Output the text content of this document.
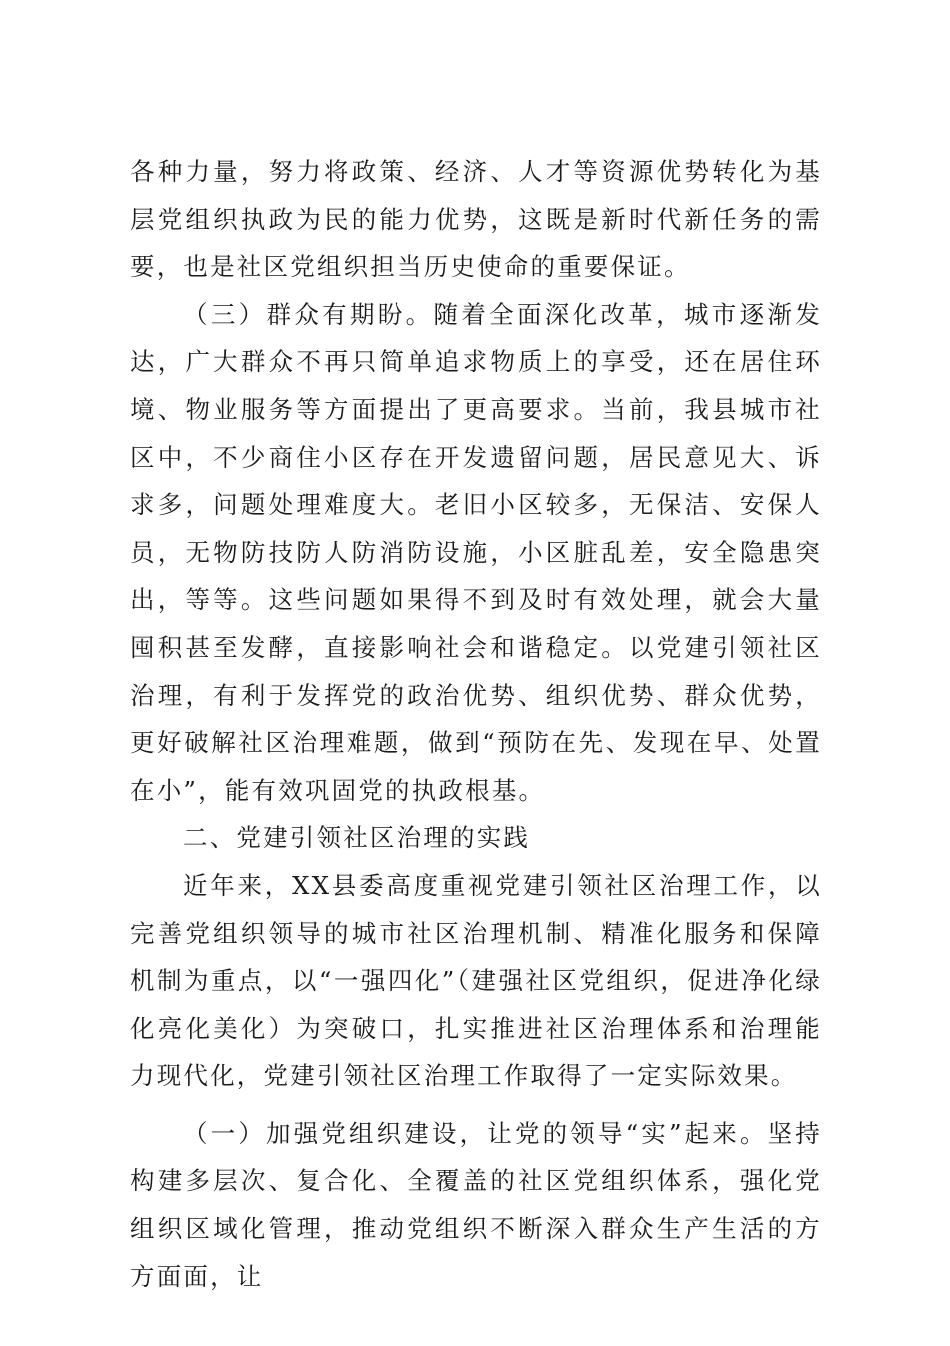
各种力量，努力将政策、经济、人才等资源优势转化为基层党组织执政为民的能力优势，这既是新时代新任务的需要，也是社区党组织担当历史使命的重要保证。

（三）群众有期盼。随着全面深化改革，城市逐渐发达，广大群众不再只简单追求物质上的享受，还在居住环境、物业服务等方面提出了更高要求。当前，我县城市社区中，不少商住小区存在开发遗留问题，居民意见大、诉求多，问题处理难度大。老旧小区较多，无保洁、安保人员，无物防技防人防消防设施，小区脏乱差，安全隐患突出，等等。这些问题如果得不到及时有效处理，就会大量囤积甚至发酵，直接影响社会和谐稳定。以党建引领社区治理，有利于发挥党的政治优势、组织优势、群众优势，更好破解社区治理难题，做到“预防在先、发现在早、处置在小”，能有效巩固党的执政根基。

二、党建引领社区治理的实践

近年来，XX县委高度重视党建引领社区治理工作，以完善党组织领导的城市社区治理机制、精准化服务和保障机制为重点，以“一强四化”（建强社区党组织，促进净化绿化亮化美化）为突破口，扎实推进社区治理体系和治理能力现代化，党建引领社区治理工作取得了一定实际效果。

（一）加强党组织建设，让党的领导“实”起来。坚持构建多层次、复合化、全覆盖的社区党组织体系，强化党组织区域化管理，推动党组织不断深入群众生产生活的方方面面，让
